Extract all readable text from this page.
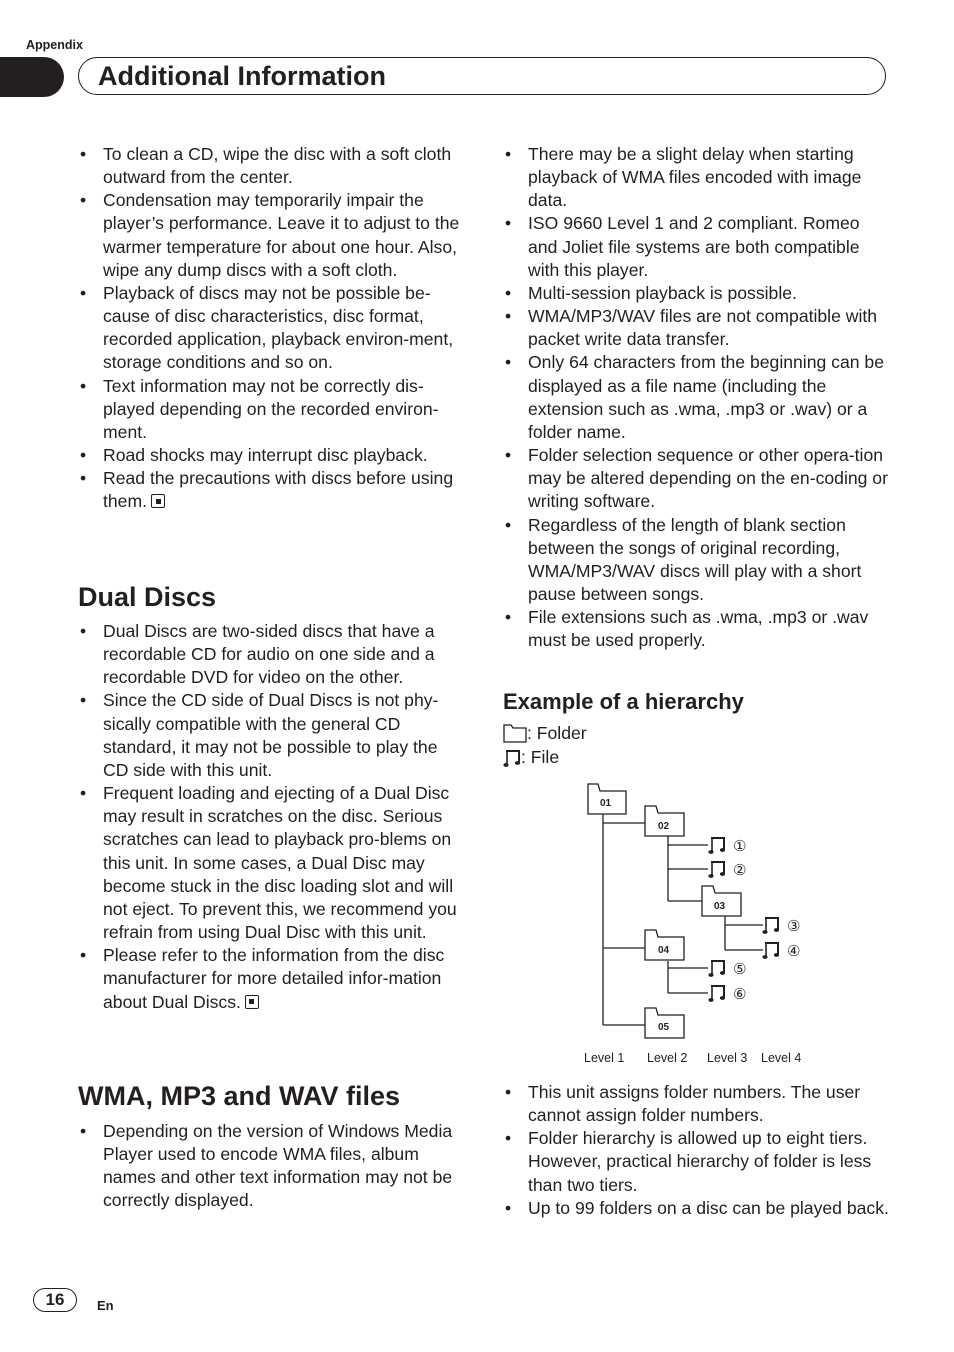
Appendix
Additional Information
• To clean a CD, wipe the disc with a soft cloth outward from the center.
• Condensation may temporarily impair the player’s performance. Leave it to adjust to the warmer temperature for about one hour. Also, wipe any dump discs with a soft cloth.
• Playback of discs may not be possible be-cause of disc characteristics, disc format, recorded application, playback environ-ment, storage conditions and so on.
• Text information may not be correctly dis-played depending on the recorded environ-ment.
• Road shocks may interrupt disc playback.
• Read the precautions with discs before using them.
Dual Discs
• Dual Discs are two-sided discs that have a recordable CD for audio on one side and a recordable DVD for video on the other.
• Since the CD side of Dual Discs is not phy-sically compatible with the general CD standard, it may not be possible to play the CD side with this unit.
• Frequent loading and ejecting of a Dual Disc may result in scratches on the disc. Serious scratches can lead to playback pro-blems on this unit. In some cases, a Dual Disc may become stuck in the disc loading slot and will not eject. To prevent this, we recommend you refrain from using Dual Disc with this unit.
• Please refer to the information from the disc manufacturer for more detailed infor-mation about Dual Discs.
WMA, MP3 and WAV files
• Depending on the version of Windows Media Player used to encode WMA files, album names and other text information may not be correctly displayed.
• There may be a slight delay when starting playback of WMA files encoded with image data.
• ISO 9660 Level 1 and 2 compliant. Romeo and Joliet file systems are both compatible with this player.
• Multi-session playback is possible.
• WMA/MP3/WAV files are not compatible with packet write data transfer.
• Only 64 characters from the beginning can be displayed as a file name (including the extension such as .wma, .mp3 or .wav) or a folder name.
• Folder selection sequence or other opera-tion may be altered depending on the en-coding or writing software.
• Regardless of the length of blank section between the songs of original recording, WMA/MP3/WAV discs will play with a short pause between songs.
• File extensions such as .wma, .mp3 or .wav must be used properly.
Example of a hierarchy
: Folder
: File
01
02
03
04
05
①
②
③
④
⑤
⑥
Level 1 Level 2 Level 3 Level 4
• This unit assigns folder numbers. The user cannot assign folder numbers.
• Folder hierarchy is allowed up to eight tiers. However, practical hierarchy of folder is less than two tiers.
• Up to 99 folders on a disc can be played back.
16	En
